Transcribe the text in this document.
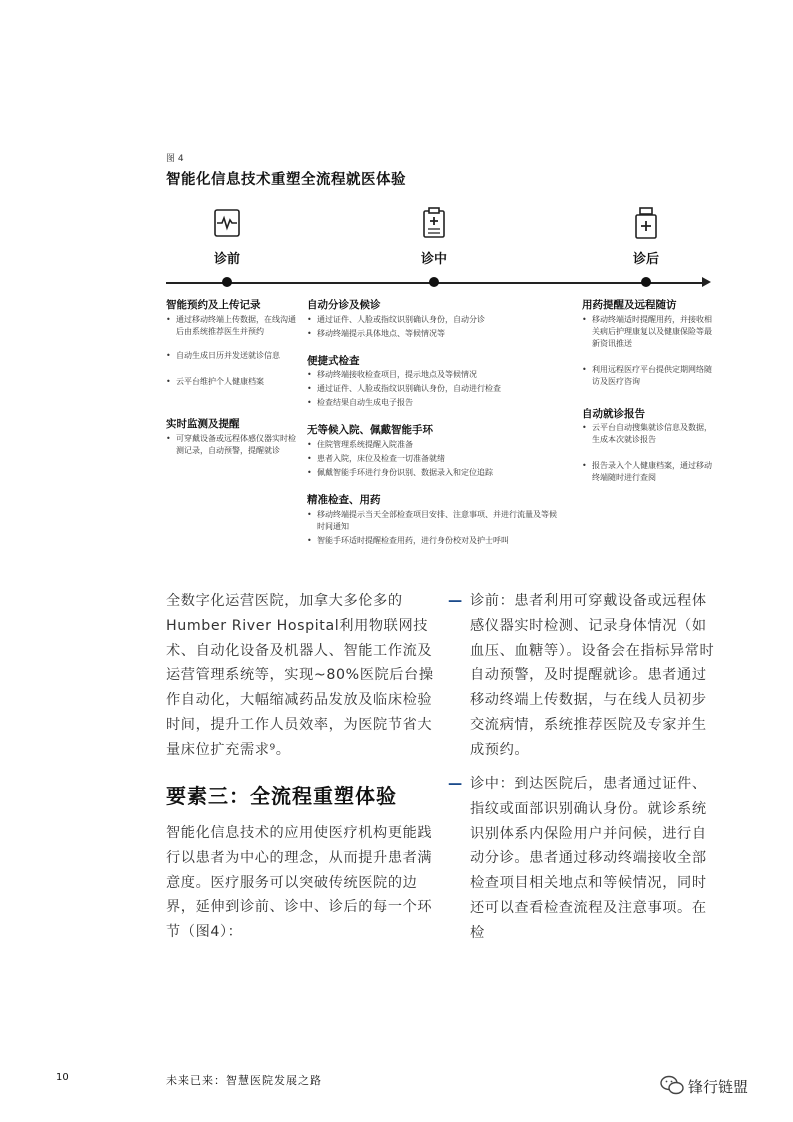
图 4
智能化信息技术重塑全流程就医体验
诊前	诊中	诊后
智能预约及上传记录
• 通过移动终端上传数据，在线沟通后由系统推荐医生并预约
• 自动生成日历并发送就诊信息
• 云平台维护个人健康档案
实时监测及提醒
• 可穿戴设备或远程体感仪器实时检测记录，自动预警，提醒就诊
自动分诊及候诊
• 通过证件、人脸或指纹识别确认身份，自动分诊
• 移动终端提示具体地点、等候情况等
便捷式检查
• 移动终端接收检查项目，提示地点及等候情况
• 通过证件、人脸或指纹识别确认身份，自动进行检查
• 检查结果自动生成电子报告
无等候入院、佩戴智能手环
• 住院管理系统提醒入院准备
• 患者入院，床位及检查一切准备就绪
• 佩戴智能手环进行身份识别、数据录入和定位追踪
精准检查、用药
• 移动终端提示当天全部检查项目安排、注意事项、并进行流量及等候时间通知
• 智能手环适时提醒检查用药，进行身份校对及护士呼叫
用药提醒及远程随访
• 移动终端适时提醒用药，并接收相关病后护理康复以及健康保险等最新资讯推送
• 利用远程医疗平台提供定期网络随访及医疗咨询
自动就诊报告
• 云平台自动搜集就诊信息及数据，生成本次就诊报告
• 报告录入个人健康档案，通过移动终端随时进行查阅
全数字化运营医院，加拿大多伦多的Humber River Hospital利用物联网技术、自动化设备及机器人、智能工作流及运营管理系统等，实现~80%医院后台操作自动化，大幅缩减药品发放及临床检验时间，提升工作人员效率，为医院节省大量床位扩充需求⁹。
要素三：全流程重塑体验
智能化信息技术的应用使医疗机构更能践行以患者为中心的理念，从而提升患者满意度。医疗服务可以突破传统医院的边界，延伸到诊前、诊中、诊后的每一个环节（图4）：
— 诊前：患者利用可穿戴设备或远程体感仪器实时检测、记录身体情况（如血压、血糖等）。设备会在指标异常时自动预警，及时提醒就诊。患者通过移动终端上传数据，与在线人员初步交流病情，系统推荐医院及专家并生成预约。
— 诊中：到达医院后，患者通过证件、指纹或面部识别确认身份。就诊系统识别体系内保险用户并问候，进行自动分诊。患者通过移动终端接收全部检查项目相关地点和等候情况，同时还可以查看检查流程及注意事项。在检
10	未来已来：智慧医院发展之路	锋行链盟
